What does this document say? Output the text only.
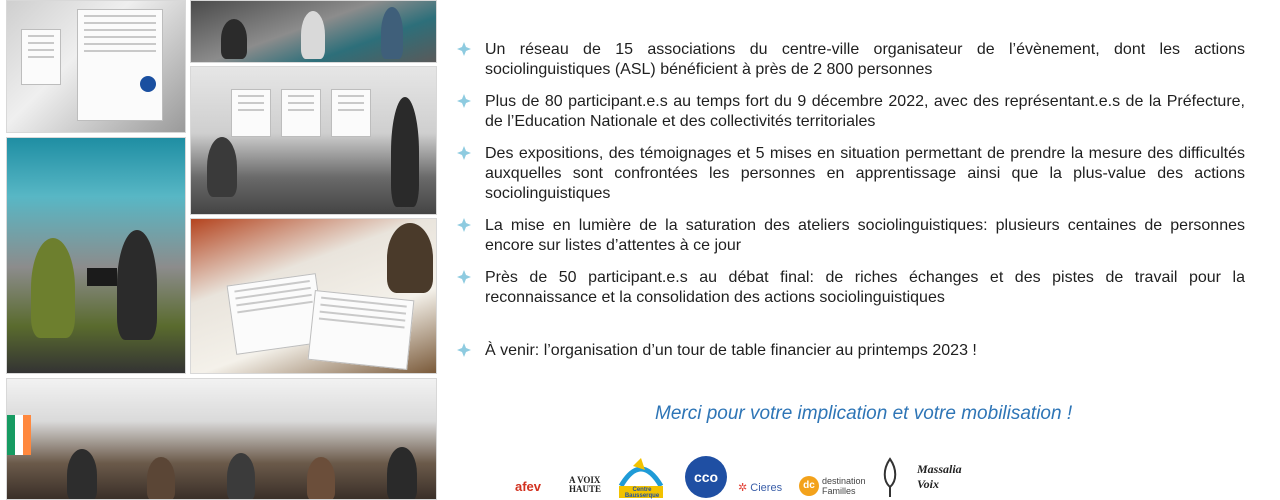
Un réseau de 15 associations du centre-ville organisateur de l’évènement, dont les actions sociolinguistiques (ASL) bénéficient à près de 2 800 personnes
Plus de 80 participant.e.s au temps fort du 9 décembre 2022, avec des représentant.e.s de la Préfecture, de l’Education Nationale et des collectivités territoriales
Des expositions, des témoignages et 5 mises en situation permettant de prendre la mesure des difficultés auxquelles sont confrontées les personnes en apprentissage ainsi que la plus-value des actions sociolinguistiques
La mise en lumière de la saturation des ateliers sociolinguistiques: plusieurs centaines de personnes encore sur listes d’attentes à ce jour
Près de 50 participant.e.s au débat final: de riches échanges et des pistes de travail pour la reconnaissance et la consolidation des actions sociolinguistiques
À venir: l’organisation d’un tour de table financier au printemps 2023 !
Merci pour votre implication et votre mobilisation !
afev	A VOIX
HAUTE	Centre Bausserque
cco
✲ Cieres	dc destination
Familles
Massalia Voix
